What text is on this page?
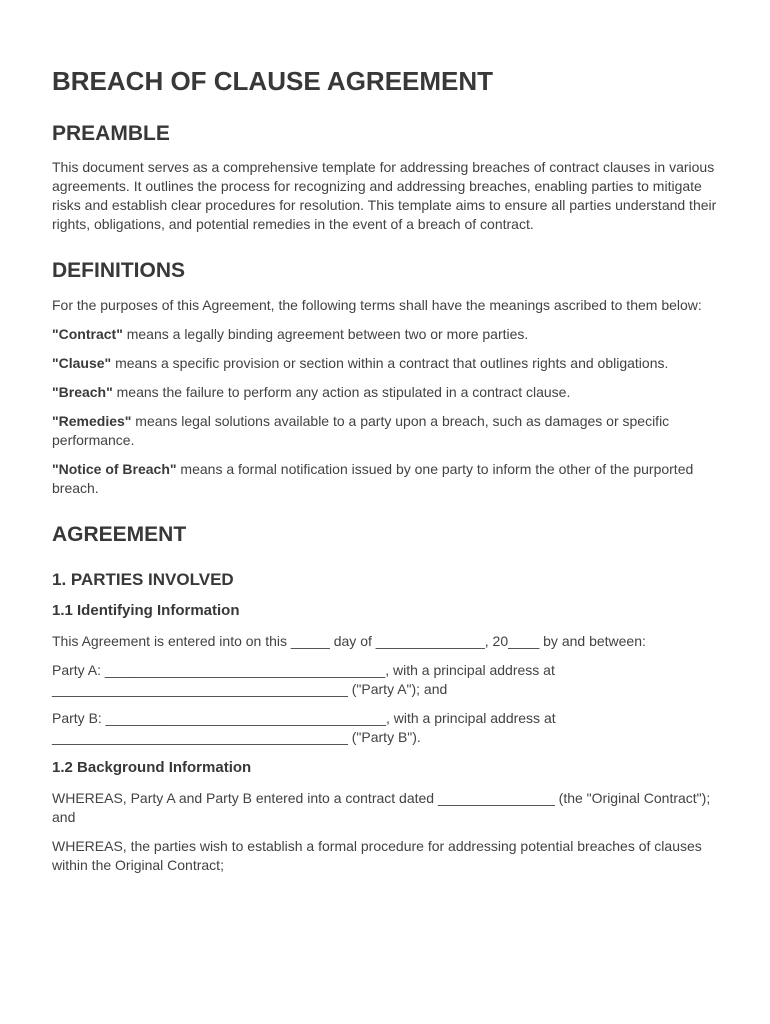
BREACH OF CLAUSE AGREEMENT
PREAMBLE

This document serves as a comprehensive template for addressing breaches of contract clauses in various agreements. It outlines the process for recognizing and addressing breaches, enabling parties to mitigate risks and establish clear procedures for resolution. This template aims to ensure all parties understand their rights, obligations, and potential remedies in the event of a breach of contract.

DEFINITIONS

For the purposes of this Agreement, the following terms shall have the meanings ascribed to them below:

"Contract" means a legally binding agreement between two or more parties.

"Clause" means a specific provision or section within a contract that outlines rights and obligations.

"Breach" means the failure to perform any action as stipulated in a contract clause.

"Remedies" means legal solutions available to a party upon a breach, such as damages or specific performance.

"Notice of Breach" means a formal notification issued by one party to inform the other of the purported breach.

AGREEMENT
1. PARTIES INVOLVED
1.1 Identifying Information

This Agreement is entered into on this _____ day of ______________, 20____ by and between:

Party A: ____________________________________, with a principal address at ______________________________________ ("Party A"); and

Party B: ____________________________________, with a principal address at ______________________________________ ("Party B").

1.2 Background Information

WHEREAS, Party A and Party B entered into a contract dated _______________ (the "Original Contract"); and

WHEREAS, the parties wish to establish a formal procedure for addressing potential breaches of clauses within the Original Contract;
